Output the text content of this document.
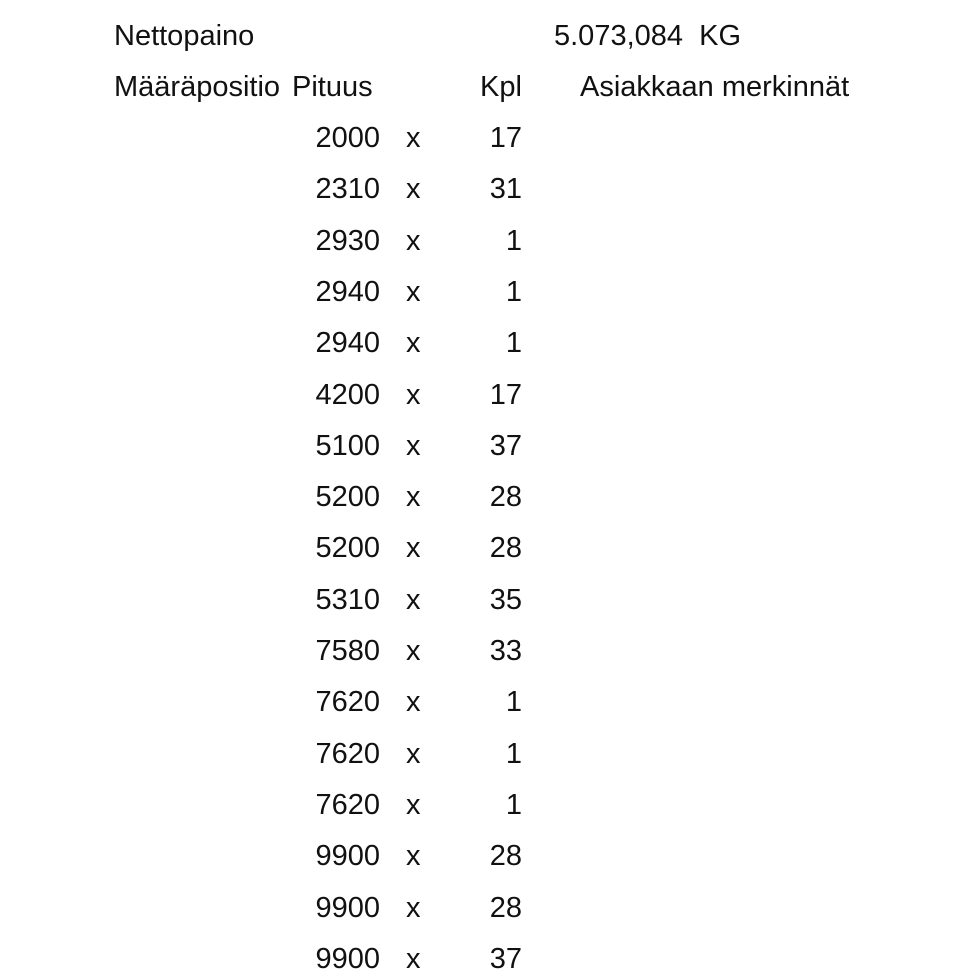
Nettopaino	5.073,084  KG
Määräpositio Pituus	Kpl Asiakkaan merkinnät
2000 x	17
2310 x	31
2930 x	1
2940 x	1
2940 x	1
4200 x	17
5100 x	37
5200 x	28
5200 x	28
5310 x	35
7580 x	33
7620 x	1
7620 x	1
7620 x	1
9900 x	28
9900 x	28
9900 x	37
